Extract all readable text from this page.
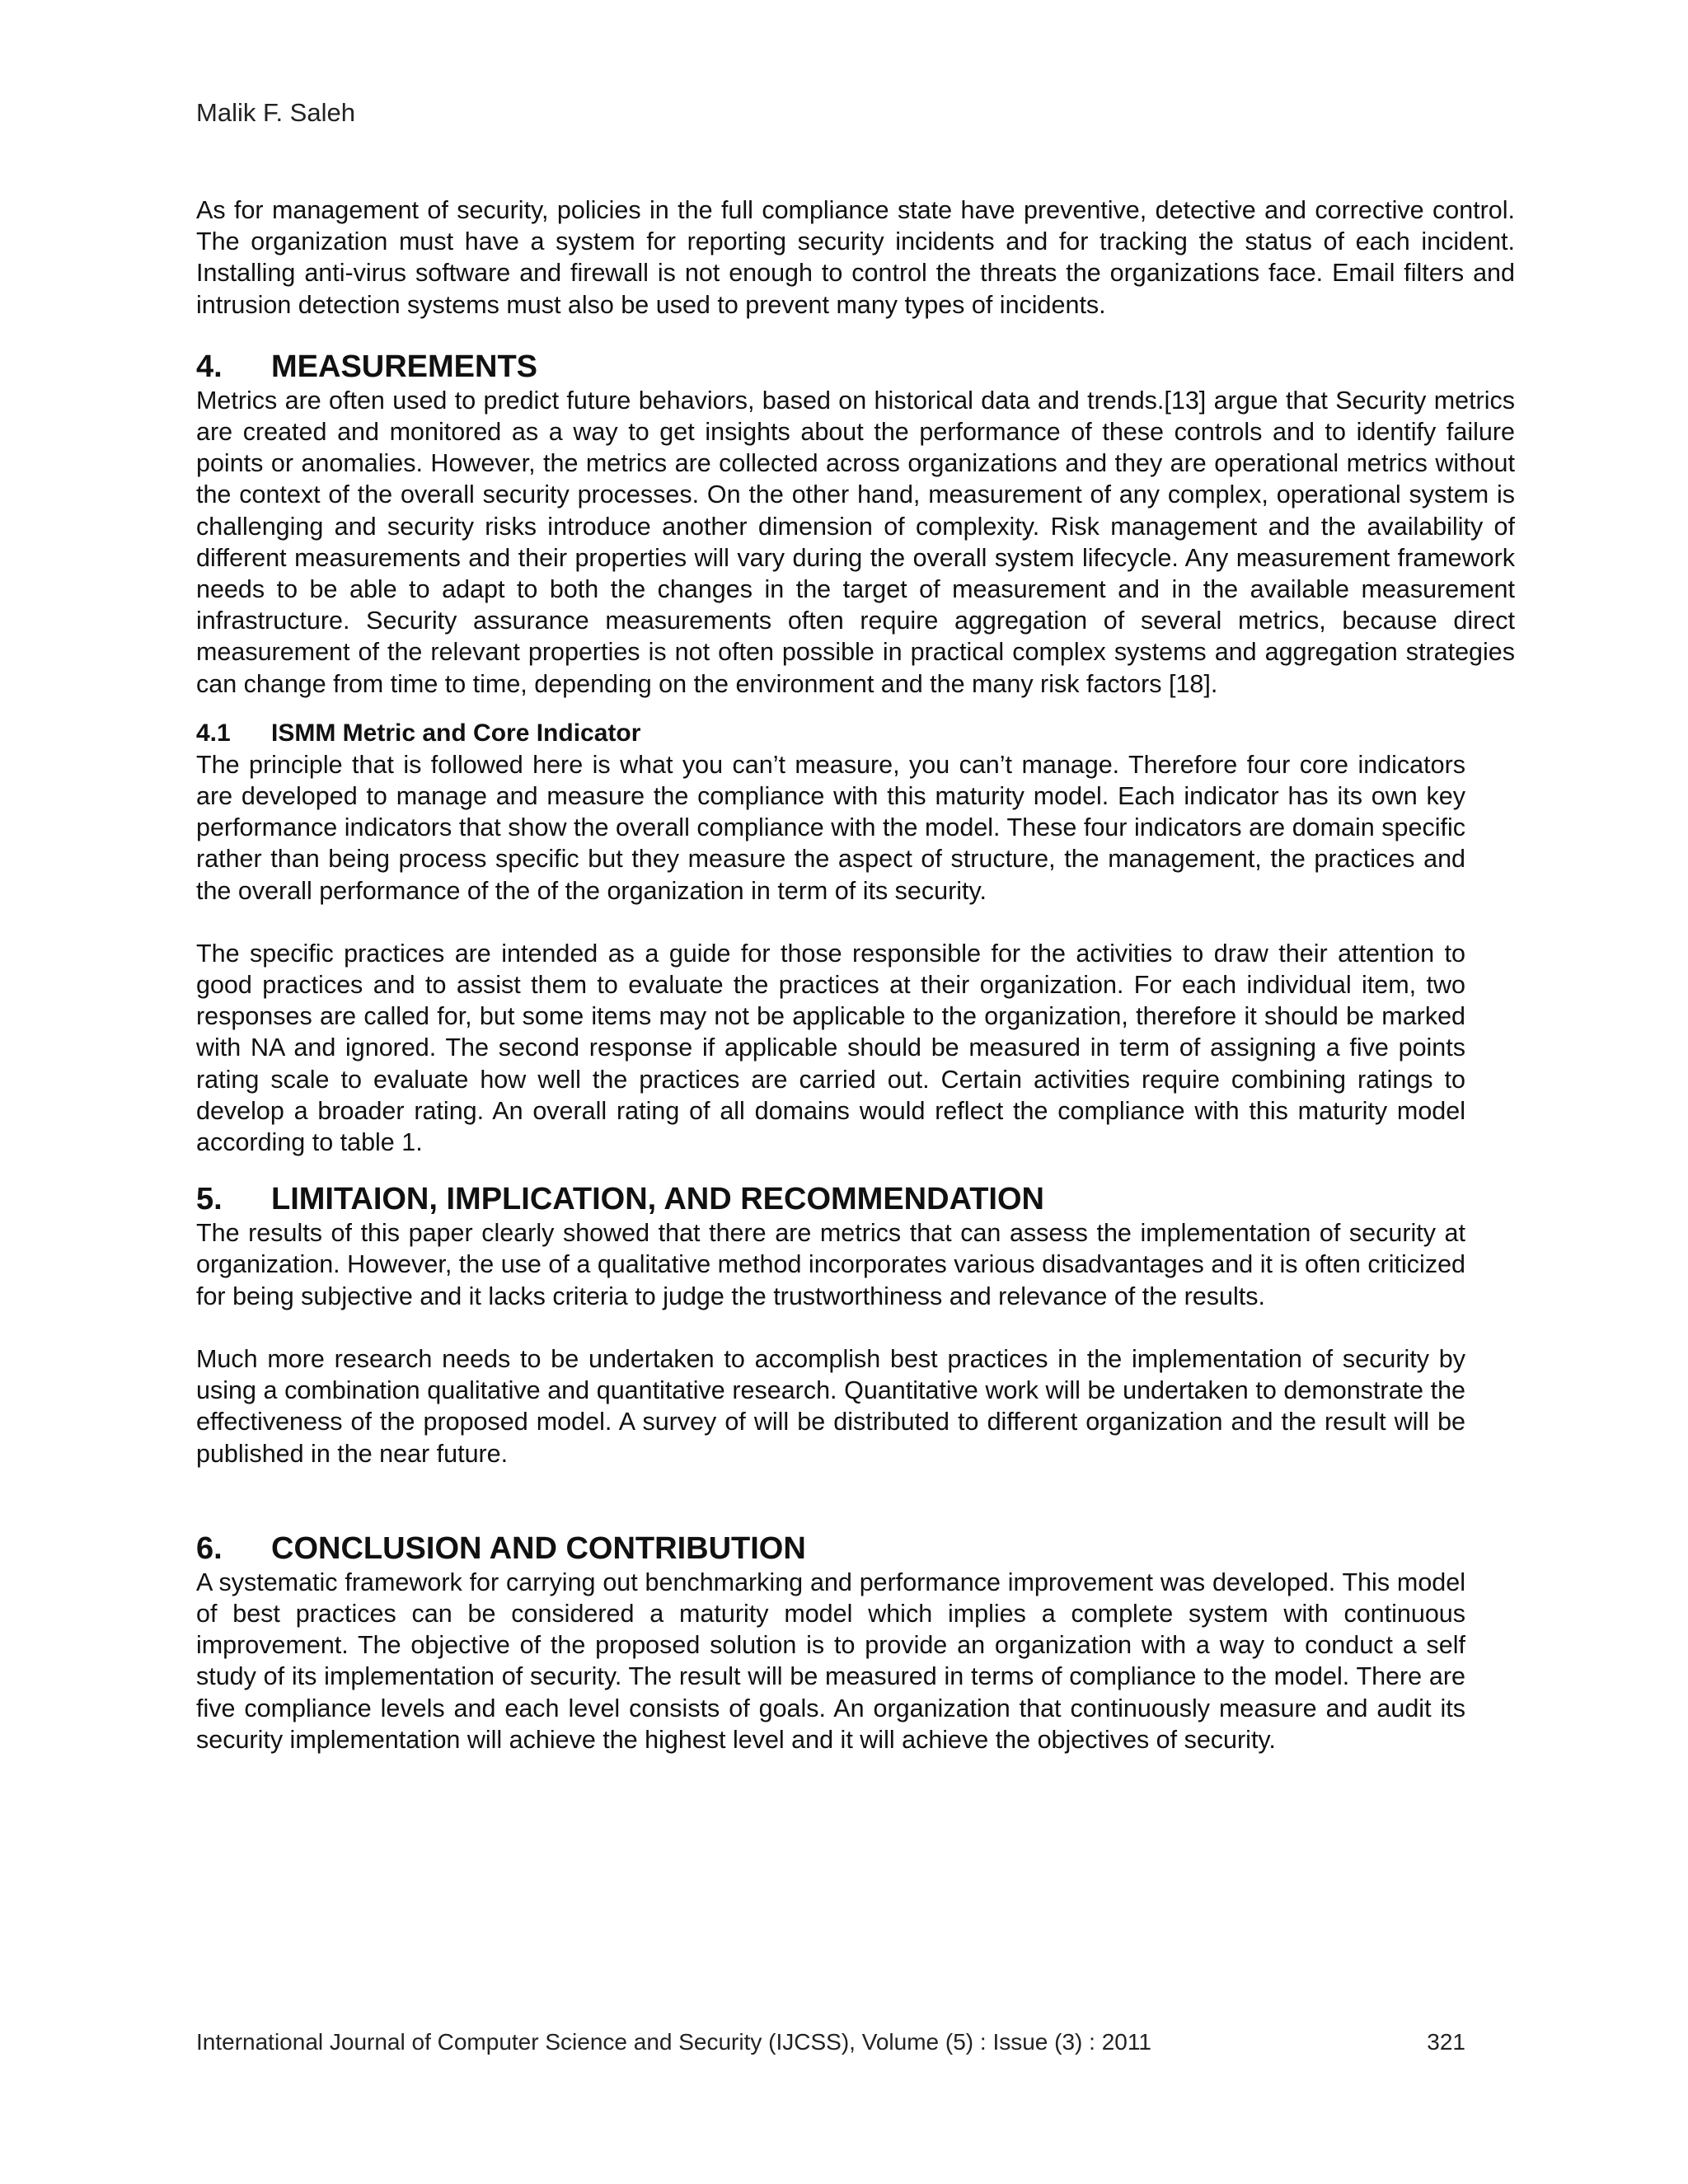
Malik F. Saleh

As for management of security, policies in the full compliance state have preventive, detective and corrective control. The organization must have a system for reporting security incidents and for tracking the status of each incident. Installing anti-virus software and firewall is not enough to control the threats the organizations face. Email filters and intrusion detection systems must also be used to prevent many types of incidents.

4.	MEASUREMENTS

Metrics are often used to predict future behaviors, based on historical data and trends.[13] argue that Security metrics are created and monitored as a way to get insights about the performance of these controls and to identify failure points or anomalies. However, the metrics are collected across organizations and they are operational metrics without the context of the overall security processes. On the other hand, measurement of any complex, operational system is challenging and security risks introduce another dimension of complexity. Risk management and the availability of different measurements and their properties will vary during the overall system lifecycle. Any measurement framework needs to be able to adapt to both the changes in the target of measurement and in the available measurement infrastructure. Security assurance measurements often require aggregation of several metrics, because direct measurement of the relevant properties is not often possible in practical complex systems and aggregation strategies can change from time to time, depending on the environment and the many risk factors [18].

4.1	ISMM Metric and Core Indicator

The principle that is followed here is what you can’t measure, you can’t manage. Therefore four core indicators are developed to manage and measure the compliance with this maturity model. Each indicator has its own key performance indicators that show the overall compliance with the model. These four indicators are domain specific rather than being process specific but they measure the aspect of structure, the management, the practices and the overall performance of the of the organization in term of its security.

The specific practices are intended as a guide for those responsible for the activities to draw their attention to good practices and to assist them to evaluate the practices at their organization. For each individual item, two responses are called for, but some items may not be applicable to the organization, therefore it should be marked with NA and ignored. The second response if applicable should be measured in term of assigning a five points rating scale to evaluate how well the practices are carried out. Certain activities require combining ratings to develop a broader rating. An overall rating of all domains would reflect the compliance with this maturity model according to table 1.

5.	LIMITAION, IMPLICATION, AND RECOMMENDATION

The results of this paper clearly showed that there are metrics that can assess the implementation of security at organization. However, the use of a qualitative method incorporates various disadvantages and it is often criticized for being subjective and it lacks criteria to judge the trustworthiness and relevance of the results.

Much more research needs to be undertaken to accomplish best practices in the implementation of security by using a combination qualitative and quantitative research. Quantitative work will be undertaken to demonstrate the effectiveness of the proposed model. A survey of will be distributed to different organization and the result will be published in the near future.

6.	CONCLUSION AND CONTRIBUTION

A systematic framework for carrying out benchmarking and performance improvement was developed. This model of best practices can be considered a maturity model which implies a complete system with continuous improvement. The objective of the proposed solution is to provide an organization with a way to conduct a self study of its implementation of security. The result will be measured in terms of compliance to the model. There are five compliance levels and each level consists of goals. An organization that continuously measure and audit its security implementation will achieve the highest level and it will achieve the objectives of security.

International Journal of Computer Science and Security (IJCSS), Volume (5) : Issue (3) : 2011	321
